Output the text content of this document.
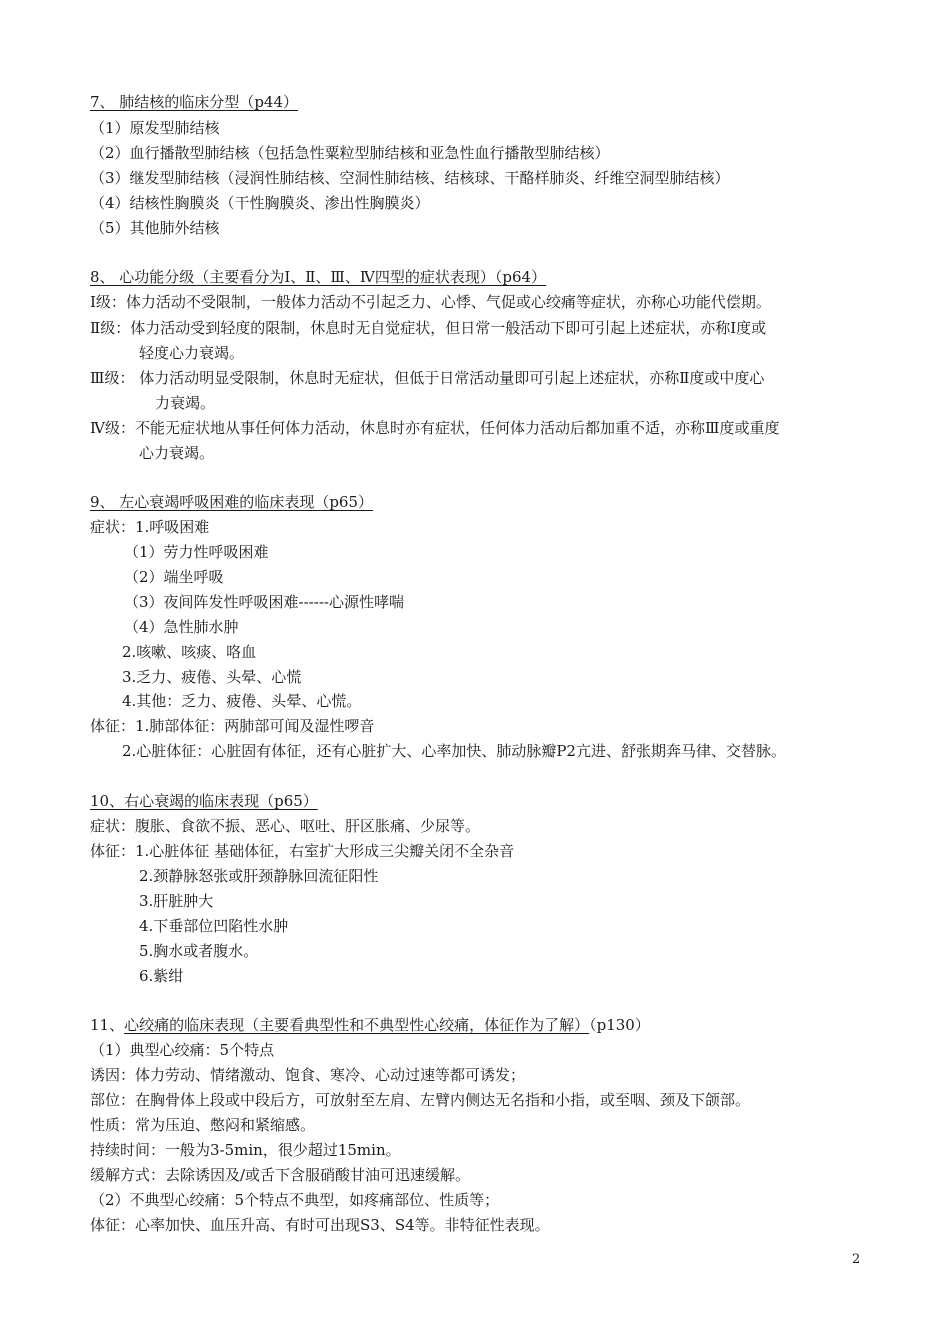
7、 肺结核的临床分型（p44）
（1）原发型肺结核
（2）血行播散型肺结核（包括急性粟粒型肺结核和亚急性血行播散型肺结核）
（3）继发型肺结核（浸润性肺结核、空洞性肺结核、结核球、干酪样肺炎、纤维空洞型肺结核）
（4）结核性胸膜炎（干性胸膜炎、渗出性胸膜炎）
（5）其他肺外结核
8、 心功能分级（主要看分为Ⅰ、Ⅱ、Ⅲ、Ⅳ四型的症状表现）（p64）
Ⅰ级：体力活动不受限制，一般体力活动不引起乏力、心悸、气促或心绞痛等症状，亦称心功能代偿期。
Ⅱ级：体力活动受到轻度的限制，休息时无自觉症状，但日常一般活动下即可引起上述症状，亦称Ⅰ度或
轻度心力衰竭。
Ⅲ级： 体力活动明显受限制，休息时无症状，但低于日常活动量即可引起上述症状，亦称Ⅱ度或中度心
力衰竭。
Ⅳ级：不能无症状地从事任何体力活动，休息时亦有症状，任何体力活动后都加重不适，亦称Ⅲ度或重度
心力衰竭。
9、 左心衰竭呼吸困难的临床表现（p65）
症状：1.呼吸困难
（1）劳力性呼吸困难
（2）端坐呼吸
（3）夜间阵发性呼吸困难------心源性哮喘
（4）急性肺水肿
2.咳嗽、咳痰、咯血
3.乏力、疲倦、头晕、心慌
4.其他：乏力、疲倦、头晕、心慌。
体征：1.肺部体征：两肺部可闻及湿性啰音
2.心脏体征：心脏固有体征，还有心脏扩大、心率加快、肺动脉瓣P2亢进、舒张期奔马律、交替脉。
10、右心衰竭的临床表现（p65）
症状：腹胀、食欲不振、恶心、呕吐、肝区胀痛、少尿等。
体征：1.心脏体征 基础体征，右室扩大形成三尖瓣关闭不全杂音
2.颈静脉怒张或肝颈静脉回流征阳性
3.肝脏肿大
4.下垂部位凹陷性水肿
5.胸水或者腹水。
6.紫绀
11、心绞痛的临床表现（主要看典型性和不典型性心绞痛，体征作为了解）（p130）
（1）典型心绞痛：5个特点
诱因：体力劳动、情绪激动、饱食、寒冷、心动过速等都可诱发；
部位：在胸骨体上段或中段后方，可放射至左肩、左臂内侧达无名指和小指，或至咽、颈及下颌部。
性质：常为压迫、憋闷和紧缩感。
持续时间：一般为3-5min，很少超过15min。
缓解方式：去除诱因及/或舌下含服硝酸甘油可迅速缓解。
（2）不典型心绞痛：5个特点不典型，如疼痛部位、性质等；
体征：心率加快、血压升高、有时可出现S3、S4等。非特征性表现。
2
